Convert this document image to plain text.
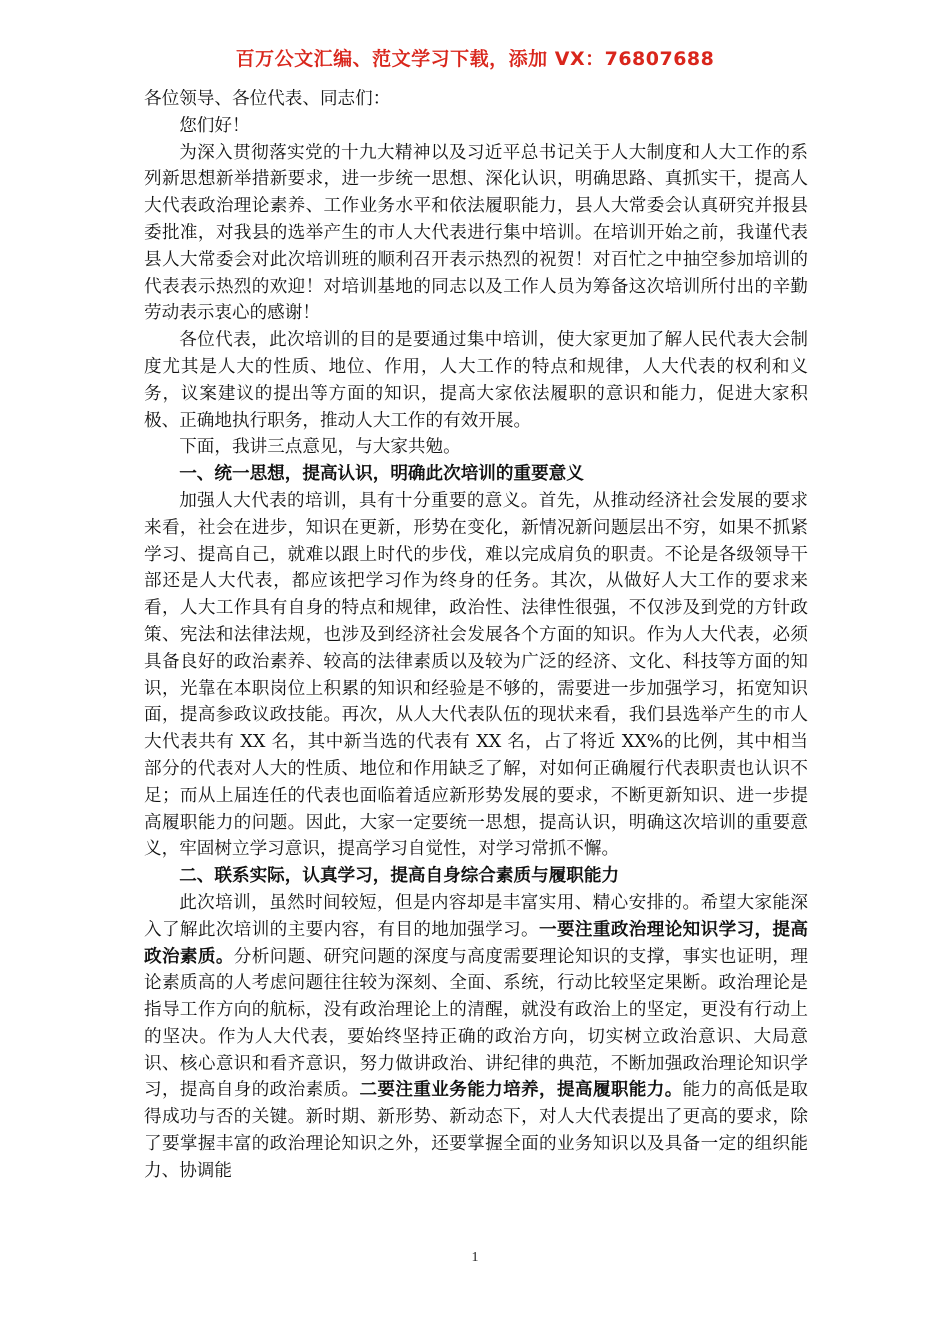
百万公文汇编、范文学习下载，添加 VX：76807688

各位领导、各位代表、同志们：

您们好！

为深入贯彻落实党的十九大精神以及习近平总书记关于人大制度和人大工作的系列新思想新举措新要求，进一步统一思想、深化认识，明确思路、真抓实干，提高人大代表政治理论素养、工作业务水平和依法履职能力，县人大常委会认真研究并报县委批准，对我县的选举产生的市人大代表进行集中培训。在培训开始之前，我谨代表县人大常委会对此次培训班的顺利召开表示热烈的祝贺！对百忙之中抽空参加培训的代表表示热烈的欢迎！对培训基地的同志以及工作人员为筹备这次培训所付出的辛勤劳动表示衷心的感谢！

各位代表，此次培训的目的是要通过集中培训，使大家更加了解人民代表大会制度尤其是人大的性质、地位、作用，人大工作的特点和规律，人大代表的权利和义务，议案建议的提出等方面的知识，提高大家依法履职的意识和能力，促进大家积极、正确地执行职务，推动人大工作的有效开展。

下面，我讲三点意见，与大家共勉。

一、统一思想，提高认识，明确此次培训的重要意义

加强人大代表的培训，具有十分重要的意义。首先，从推动经济社会发展的要求来看，社会在进步，知识在更新，形势在变化，新情况新问题层出不穷，如果不抓紧学习、提高自己，就难以跟上时代的步伐，难以完成肩负的职责。不论是各级领导干部还是人大代表，都应该把学习作为终身的任务。其次，从做好人大工作的要求来看，人大工作具有自身的特点和规律，政治性、法律性很强，不仅涉及到党的方针政策、宪法和法律法规，也涉及到经济社会发展各个方面的知识。作为人大代表，必须具备良好的政治素养、较高的法律素质以及较为广泛的经济、文化、科技等方面的知识，光靠在本职岗位上积累的知识和经验是不够的，需要进一步加强学习，拓宽知识面，提高参政议政技能。再次，从人大代表队伍的现状来看，我们县选举产生的市人大代表共有 XX 名，其中新当选的代表有 XX 名，占了将近 XX%的比例，其中相当部分的代表对人大的性质、地位和作用缺乏了解，对如何正确履行代表职责也认识不足；而从上届连任的代表也面临着适应新形势发展的要求，不断更新知识、进一步提高履职能力的问题。因此，大家一定要统一思想，提高认识，明确这次培训的重要意义，牢固树立学习意识，提高学习自觉性，对学习常抓不懈。

二、联系实际，认真学习，提高自身综合素质与履职能力

此次培训，虽然时间较短，但是内容却是丰富实用、精心安排的。希望大家能深入了解此次培训的主要内容，有目的地加强学习。一要注重政治理论知识学习，提高政治素质。分析问题、研究问题的深度与高度需要理论知识的支撑，事实也证明，理论素质高的人考虑问题往往较为深刻、全面、系统，行动比较坚定果断。政治理论是指导工作方向的航标，没有政治理论上的清醒，就没有政治上的坚定，更没有行动上的坚决。作为人大代表，要始终坚持正确的政治方向，切实树立政治意识、大局意识、核心意识和看齐意识，努力做讲政治、讲纪律的典范，不断加强政治理论知识学习，提高自身的政治素质。二要注重业务能力培养，提高履职能力。能力的高低是取得成功与否的关键。新时期、新形势、新动态下，对人大代表提出了更高的要求，除了要掌握丰富的政治理论知识之外，还要掌握全面的业务知识以及具备一定的组织能力、协调能

1
